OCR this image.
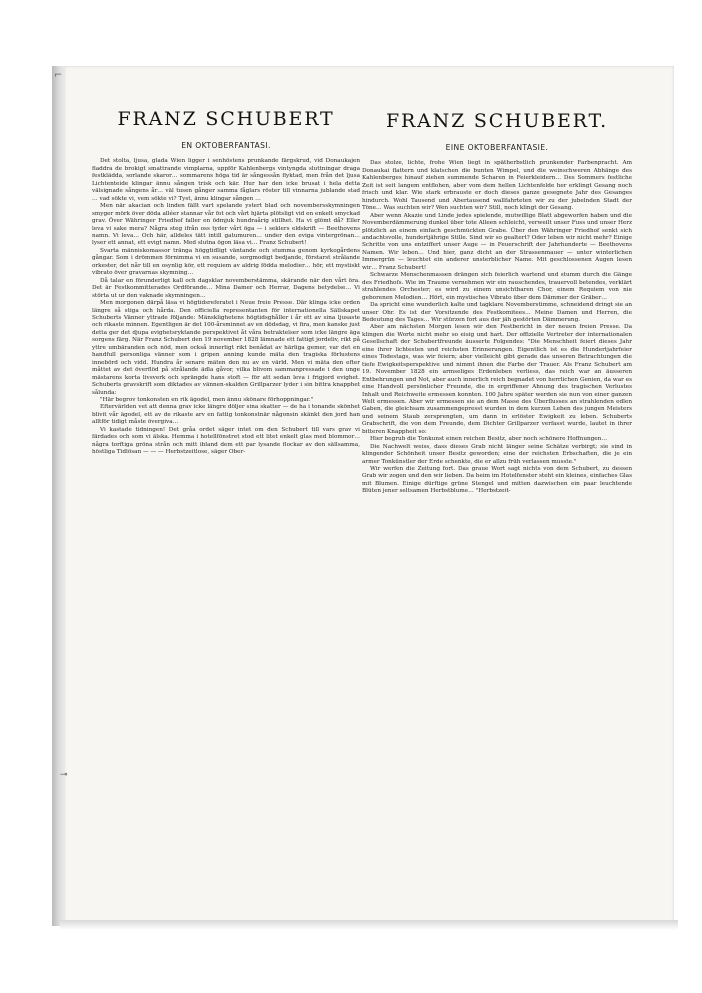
⌐
⊸
FRANZ SCHUBERT
EN OKTOBERFANTASI.

Det stolta, ljusa, glada Wien ligger i senhöstens prunkande färgskrud, vid Donaukajen fladdra de brokigt smattrande vimplarna, uppför Kahlenbergs vintyngda sluttningar draga festklädda, sorlande skaror… sommarens höga tid är sångessån flyktad, men från det ljusa Lichtenteide klingar ännu sången trisk och kär. Hur har den icke brusat i hela detta välsignade sångens år… väl tusen gånger samma fåglars röster till vinnarna jublande stad … vad sökte vi, vem sökte vi? Tyst, ännu klingar sången …

Men när akacian och linden fällt vart spelande ystert blad och novembersskymningen smyger mörk över döda alléer stannar vår fot och vårt hjärta plötsligt vid en enkelt smyckad grav. Över Währinger Friedhof faller en ödmjuk hundraårig stillhet. Ha vi glömt då? Eller leva vi sake mera? Några steg ifrån oss tyder vårt öga — i seklers eldskrift — Beethovens namn. Vi leva… Och här, alldeles tätt intill gatumuren… under den eviga vintergrönan… lyser ett annat, ett evigt namn. Med slutna ögon läsa vi… Franz Schubert!

Svarta människomassor tränga höggtidligt väntande och stumma genom kyrkogårdens gångar. Som i drömmen förnimma vi en susande, sorgmodigt bedjande, förstarst strålande orkester, det når till en osynlig kör, ett requiem av aldrig födda melodier… hör, ett mystiskt vibrato över gravarnas skymning…

Då talar en förunderligt kall och dagsklar novemberstämma, skärande när den vårt öra. Det är Festkommitterades Ordförande… Mina Damer och Herrar, Dagens betydelse… Vi störta ut ur den vaknade skymningen…

Men morgonen därpå läsa vi högtidsreferatet i Neue freie Presse. Där klinga icke orden längre så stiga och hårda. Den officiella representanten för internationella Sällskapet Schuberts Vänner yttrade följande: Mänsklighetens högtidsghåller i år ett av sina ljusaste och rikaste minnen. Egentligen är det 100-årsminnet av en dödsdag, vi fira, men kanske just detta ger det djupa evighetsryktande perspektivet åt våra betraktelser som icke längre äga sorgens färg. När Franz Schubert den 19 november 1828 lämnade ett fattigt jordeliv, rikt på yttre umbäranden och nöd, men också innerligt rikt benådat av härliga gemer, var det en handfull personliga vänner som i gripen anning kunde mäta den tragiska förlustens innebörd och vidd. Hundra år senare mäten den nu av en värld. Men vi mäta den efter måttet av det överflöd på strålande ädla gåvor, vilka blivom sammanpressade i den unge mästarens korta livsverk och sprängde hans stoft — för att sedan leva i frigjord evighet. Schuberts gravskrift som diktades av vännen-skalden Grillparzer lyder i sin bittra knapphet sålunda:

"Här begrov tonkonsten en rik ägodel, men ännu skönare förhoppningar."

Eftervärlden vet att denna grav icke längre döljer sina skatter — de ha i tonande skönhet blivit vår ägodel, ett av de rikaste arv en fattig tonkonstnär någonsin skänkt den jord han alltför tidigt måste övergiva…

Vi kastade tidningen! Det gråa ordet säger intet om den Schubert till vars grav vi färdades och som vi älska. Hemma i hotellfönstret stod ett litet enkelt glas med blommor… några torftiga gröna strån och mitt ibland dem ett par lysande flockar av den sällsamma, höstliga Tidlösan — — — Herbstzeitlose, säger Ober-

FRANZ SCHUBERT.
EINE OKTOBERFANTASIE.

Das stolze, lichte, frohe Wien liegt in spätherbstlich prunkender Farbenpracht. Am Donaukai flattern und klatschen die bunten Wimpel, und die weinschweren Abhänge des Kahlenberges hinauf ziehen summende Scharen in Feierkleidern… Des Sommers festliche Zeit ist seit langem entflohen, aber vom dem hellen Lichtenfelde her erklingt Gesang noch frisch und klar. Wie stark erbrauste er doch dieses ganze gesegnete Jahr des Gesanges hindurch. Wohl Tausend und Abertausend wallfahrteten wir zu der jubelnden Stadt der Töne… Was suchten wir? Wen suchten wir? Still, noch klingt der Gesang.

Aber wenn Akazie und Linde jedes spielende, mutwillige Blatt abgeworfen haben und die Novemberdämmerung dunkel über tote Alleen schleicht, verweilt unser Fuss und unser Herz plötzlich an einem einfach geschmückten Grabe. Über den Währinger Friedhof senkt sich andachtsvolle, hundertjährige Stille. Sind wir so gealtert? Oder leben wir nicht mehr? Einige Schritte von uns entziffert unser Auge — in Feuerschrift der Jahrhunderte — Beethovens Namen. Wir leben… Und hier, ganz dicht an der Strassenmauer — unter winterlichen Immergrün — leuchtet ein anderer unsterblicher Name. Mit geschlossenen Augen lesen wir… Franz Schubert!

Schwarze Menschenmassen drängen sich feierlich wartend und stumm durch die Gänge des Friedhofs. Wie im Traume vernehmen wir ein rauschendes, trauervoll betendes, verklärt strahlendes Orchester; es wird zu einem unsichtbaren Chor, einem Requiem von nie geborenen Melodien… Hört, ein mystisches Vibrato über dem Dämmer der Gräber…

Da spricht eine wunderlich kalte und tagklare Novemberstimme, schneidend dringt sie an unser Ohr. Es ist der Vorsitzende des Festkomitees… Meine Damen und Herren, die Bedeutung des Tages… Wir stürzen fort aus der jäh gestörten Dämmerung.

Aber am nächsten Morgen lesen wir den Festbericht in der neuen freien Presse. Da klingen die Worte nicht mehr so eisig und hart. Der offizielle Vertreter der internationalen Gesellschaft der Schubertfreunde äusserte Folgendes: "Die Menschheit feiert dieses Jahr eine ihrer lichtesten und reichsten Erinnerungen. Eigentlich ist es die Hundertjahrfeier eines Todestags, was wir feiern; aber vielleicht gibt gerade das unseren Betrachtungen die tiefe Ewigkeitsperspektive und nimmt ihnen die Farbe der Trauer. Als Franz Schubert am 19. November 1828 ein armseliges Erdenleben verliess, das reich war an äusseren Entbehrungen und Not, aber auch innerlich reich begnadet von herrlichen Genien, da war es eine Handvoll persönlicher Freunde, die in ergriffener Ahnung des tragischen Verlustes Inhalt und Reichweite ermessen konnten. 100 Jahre später werden sie nun von einer ganzen Welt ermessen. Aber wir ermessen sie an dem Masse des Überflusses an strahlenden edlen Gaben, die gleichsam zusammengepresst wurden in dem kurzen Leben des jungen Meisters und seinem Staub zersprengten, um dann in erlöster Ewigkeit zu leben. Schuberts Grabschrift, die von dem Freunde, dem Dichter Grillparzer verfasst wurde, lautet in ihrer bitteren Knappheit so:

Hier begrub die Tonkunst einen reichen Besitz, aber noch schönere Hoffnungen…

Die Nachwelt weiss, dass dieses Grab nicht länger seine Schätze verbirgt; sie sind in klingender Schönheit unser Besitz geworden; eine der reichsten Erbschaften, die je ein armer Tonkünstler der Erde schenkte, die er allzu früh verlassen musste."

Wir werfen die Zeitung fort. Das graue Wort sagt nichts von dem Schubert, zu dessen Grab wir zogen und den wir lieben. Da heim im Hotelfenster steht ein kleines, einfaches Glas mit Blumen. Einige dürftige grüne Stengel und mitten dazwischen ein paar leuchtende Blüten jener seltsamen Herbstblume… "Herbstzeit-
